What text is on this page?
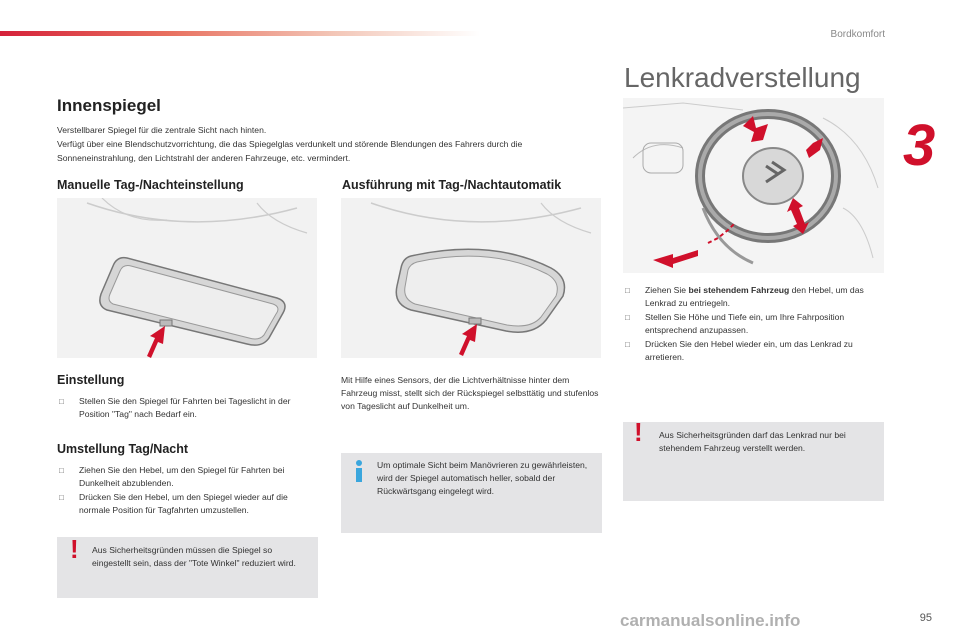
Bordkomfort
3
Innenspiegel
Verstellbarer Spiegel für die zentrale Sicht nach hinten.
Verfügt über eine Blendschutzvorrichtung, die das Spiegelglas verdunkelt und störende Blendungen des Fahrers durch die Sonneneinstrahlung, den Lichtstrahl der anderen Fahrzeuge, etc. vermindert.
Manuelle Tag-/Nachteinstellung	Ausführung mit Tag-/Nachtautomatik
Einstellung
□ Stellen Sie den Spiegel für Fahrten bei Tageslicht in der Position "Tag" nach Bedarf ein.
Umstellung Tag/Nacht
□ Ziehen Sie den Hebel, um den Spiegel für Fahrten bei Dunkelheit abzublenden.
□ Drücken Sie den Hebel, um den Spiegel wieder auf die normale Position für Tagfahrten umzustellen.
! Aus Sicherheitsgründen müssen die Spiegel so eingestellt sein, dass der "Tote Winkel" reduziert wird.
Mit Hilfe eines Sensors, der die Lichtverhältnisse hinter dem Fahrzeug misst, stellt sich der Rückspiegel selbsttätig und stufenlos von Tageslicht auf Dunkelheit um.
Um optimale Sicht beim Manövrieren zu gewährleisten, wird der Spiegel automatisch heller, sobald der Rückwärtsgang eingelegt wird.
Lenkradverstellung
□ Ziehen Sie bei stehendem Fahrzeug den Hebel, um das Lenkrad zu entriegeln.
□ Stellen Sie Höhe und Tiefe ein, um Ihre Fahrposition entsprechend anzupassen.
□ Drücken Sie den Hebel wieder ein, um das Lenkrad zu arretieren.
! Aus Sicherheitsgründen darf das Lenkrad nur bei stehendem Fahrzeug verstellt werden.
carmanualsonline.info	95
